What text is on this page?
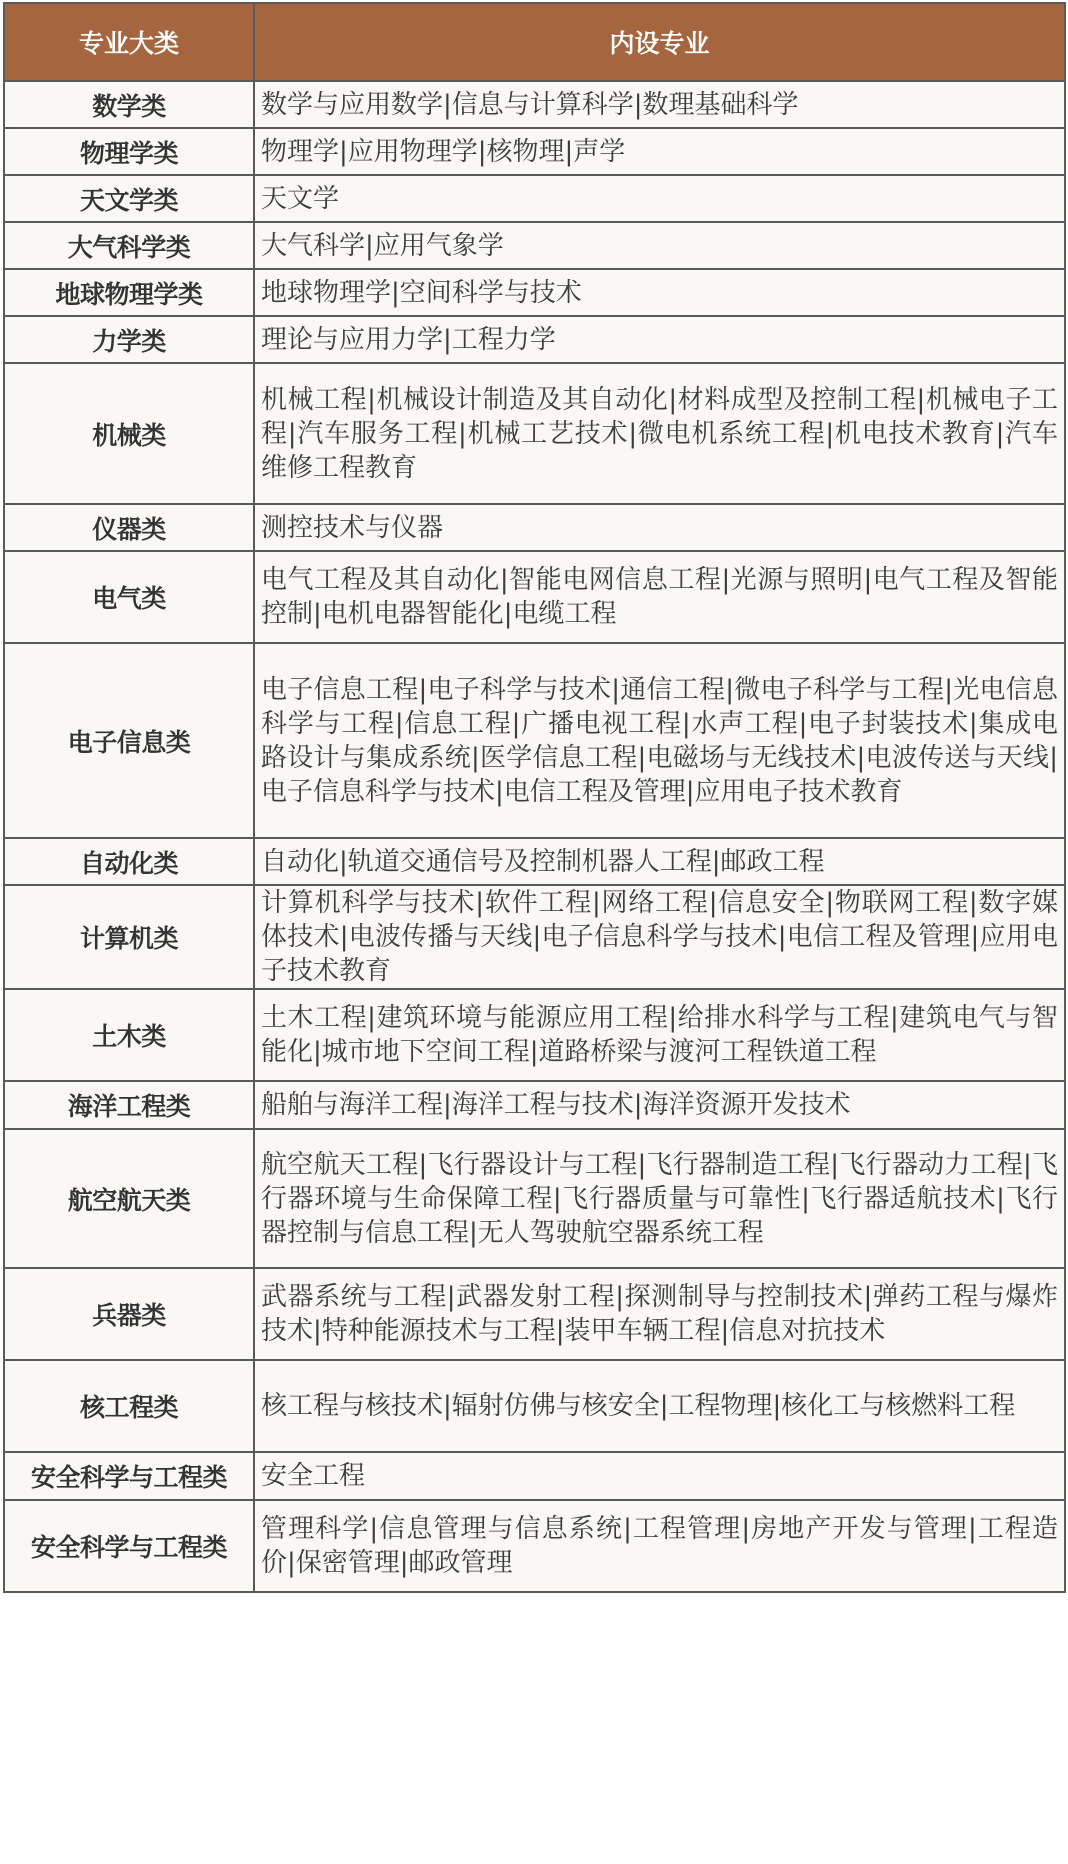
专业大类	内设专业
数学类	数学与应用数学|信息与计算科学|数理基础科学
物理学类	物理学|应用物理学|核物理|声学
天文学类	天文学
大气科学类	大气科学|应用气象学
地球物理学类	地球物理学|空间科学与技术
力学类	理论与应用力学|工程力学
机械类	机械工程|机械设计制造及其自动化|材料成型及控制工程|机械电子工程|汽车服务工程|机械工艺技术|微电机系统工程|机电技术教育|汽车维修工程教育
仪器类	测控技术与仪器
电气类	电气工程及其自动化|智能电网信息工程|光源与照明|电气工程及智能控制|电机电器智能化|电缆工程
电子信息类	电子信息工程|电子科学与技术|通信工程|微电子科学与工程|光电信息科学与工程|信息工程|广播电视工程|水声工程|电子封装技术|集成电路设计与集成系统|医学信息工程|电磁场与无线技术|电波传送与天线|电子信息科学与技术|电信工程及管理|应用电子技术教育
自动化类	自动化|轨道交通信号及控制机器人工程|邮政工程
计算机类	计算机科学与技术|软件工程|网络工程|信息安全|物联网工程|数字媒体技术|电波传播与天线|电子信息科学与技术|电信工程及管理|应用电子技术教育
土木类	土木工程|建筑环境与能源应用工程|给排水科学与工程|建筑电气与智能化|城市地下空间工程|道路桥梁与渡河工程铁道工程
海洋工程类	船舶与海洋工程|海洋工程与技术|海洋资源开发技术
航空航天类	航空航天工程|飞行器设计与工程|飞行器制造工程|飞行器动力工程|飞行器环境与生命保障工程|飞行器质量与可靠性|飞行器适航技术|飞行器控制与信息工程|无人驾驶航空器系统工程
兵器类	武器系统与工程|武器发射工程|探测制导与控制技术|弹药工程与爆炸技术|特种能源技术与工程|装甲车辆工程|信息对抗技术
核工程类	核工程与核技术|辐射仿佛与核安全|工程物理|核化工与核燃料工程
安全科学与工程类	安全工程
安全科学与工程类	管理科学|信息管理与信息系统|工程管理|房地产开发与管理|工程造价|保密管理|邮政管理
